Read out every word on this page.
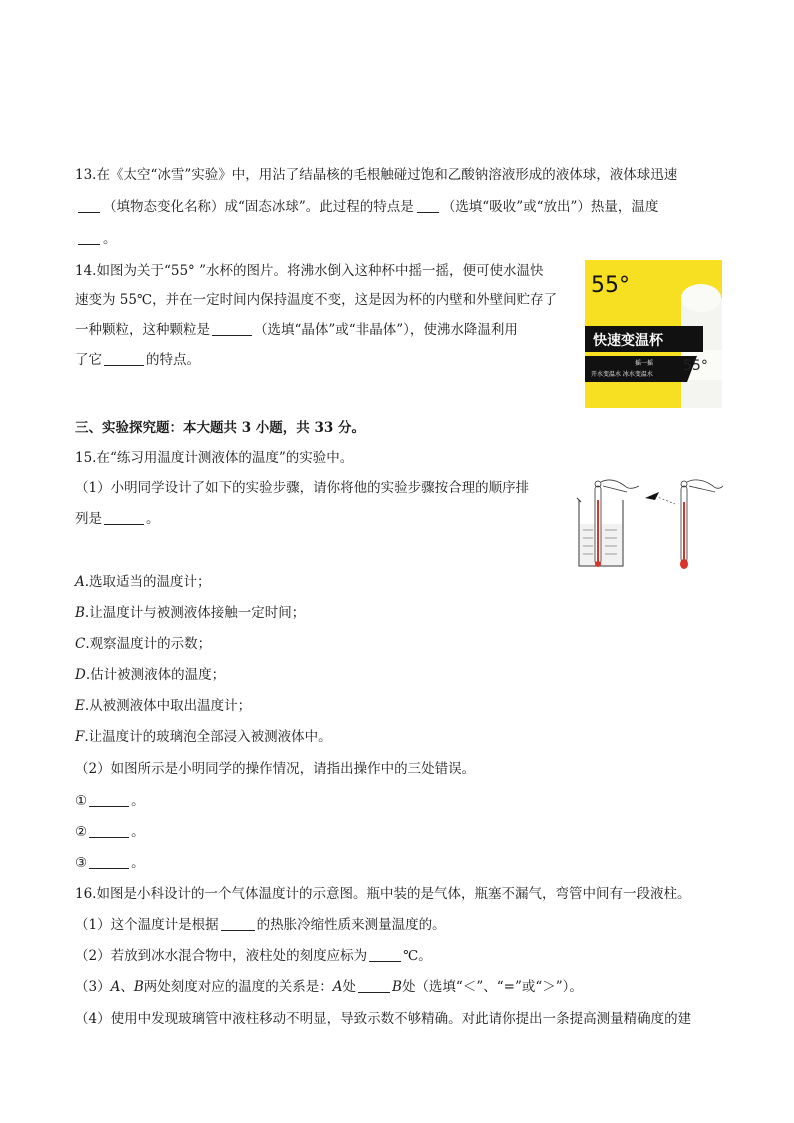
13.在《太空“冰雪”实验》中，用沾了结晶核的毛根触碰过饱和乙酸钠溶液形成的液体球，液体球迅速
（填物态变化名称）成“固态冰球”。此过程的特点是 （选填“吸收”或“放出”）热量，温度
。
14.如图为关于“55° ”水杯的图片。将沸水倒入这种杯中摇一摇，便可使水温快
速变为 55℃，并在一定时间内保持温度不变，这是因为杯的内壁和外壁间贮存了
一种颗粒，这种颗粒是	（选填“晶体”或“非晶体”），使沸水降温利用
了它	的特点。
55°
快速变温杯
摇一摇
开水变温水 冰水变温水
55°
三、实验探究题：本大题共 3 小题，共 33 分。
15.在“练习用温度计测液体的温度”的实验中。
（1）小明同学设计了如下的实验步骤，请你将他的实验步骤按合理的顺序排
列是	。
A.选取适当的温度计；
B.让温度计与被测液体接触一定时间；
C.观察温度计的示数；
D.估计被测液体的温度；
E.从被测液体中取出温度计；
F.让温度计的玻璃泡全部浸入被测液体中。
（2）如图所示是小明同学的操作情况，请指出操作中的三处错误。
①	。
②	。
③	。
16.如图是小科设计的一个气体温度计的示意图。瓶中装的是气体，瓶塞不漏气，弯管中间有一段液柱。
（1）这个温度计是根据	的热胀冷缩性质来测量温度的。
（2）若放到冰水混合物中，液柱处的刻度应标为	℃。
（3）A、B两处刻度对应的温度的关系是：A处	B处（选填“＜”、“=”或“＞”）。
（4）使用中发现玻璃管中液柱移动不明显，导致示数不够精确。对此请你提出一条提高测量精确度的建
